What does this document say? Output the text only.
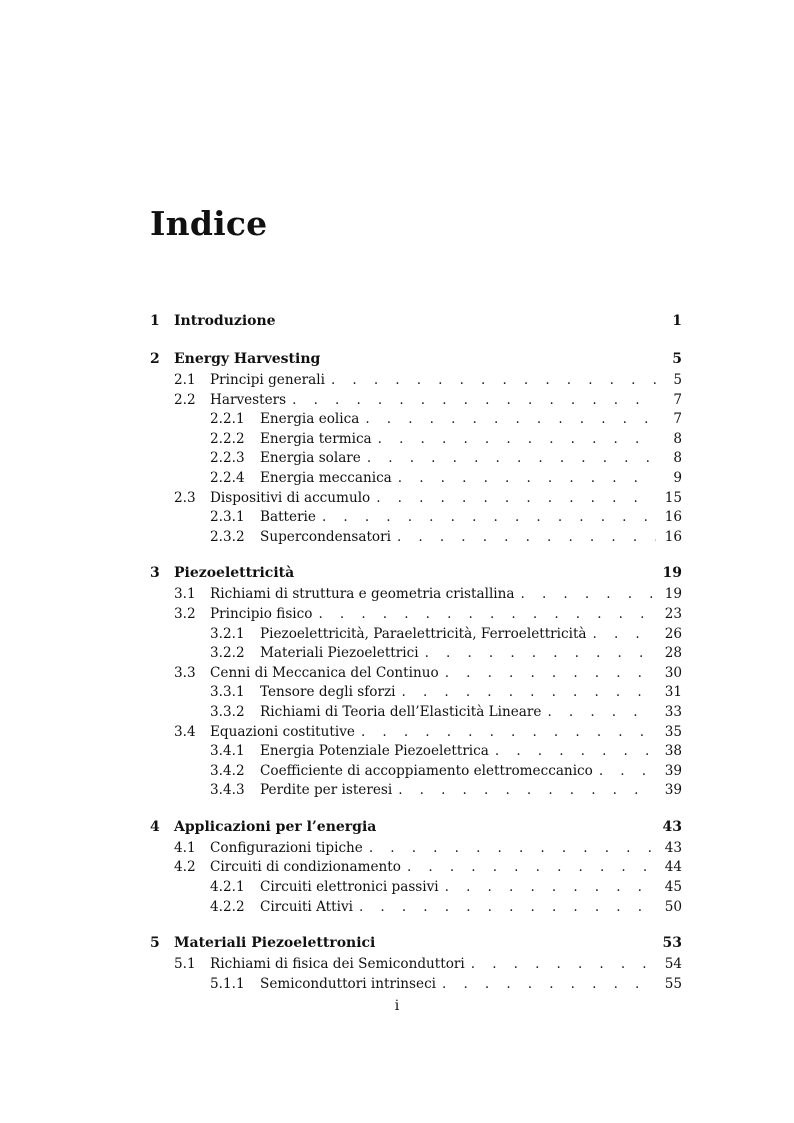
Indice
1	Introduzione	1
2	Energy Harvesting	5
2.1	Principi generali . . .	5
2.2	Harvesters . . .	7
2.2.1	Energia eolica . . .	7
2.2.2	Energia termica . . .	8
2.2.3	Energia solare . . .	8
2.2.4	Energia meccanica . . .	9
2.3	Dispositivi di accumulo . . .	15
2.3.1	Batterie . . .	16
2.3.2	Supercondensatori . . .	16
3	Piezoelettricità	19
3.1	Richiami di struttura e geometria cristallina . . .	19
3.2	Principio fisico . . .	23
3.2.1	Piezoelettricità, Paraelettricità, Ferroelettricità . . .	26
3.2.2	Materiali Piezoelettrici . . .	28
3.3	Cenni di Meccanica del Continuo . . .	30
3.3.1	Tensore degli sforzi . . .	31
3.3.2	Richiami di Teoria dell’Elasticità Lineare . . .	33
3.4	Equazioni costitutive . . .	35
3.4.1	Energia Potenziale Piezoelettrica . . .	38
3.4.2	Coefficiente di accoppiamento elettromeccanico . . .	39
3.4.3	Perdite per isteresi . . .	39
4	Applicazioni per l’energia	43
4.1	Configurazioni tipiche . . .	43
4.2	Circuiti di condizionamento . . .	44
4.2.1	Circuiti elettronici passivi . . .	45
4.2.2	Circuiti Attivi . . .	50
5	Materiali Piezoelettronici	53
5.1	Richiami di fisica dei Semiconduttori . . .	54
5.1.1	Semiconduttori intrinseci . . .	55
i
